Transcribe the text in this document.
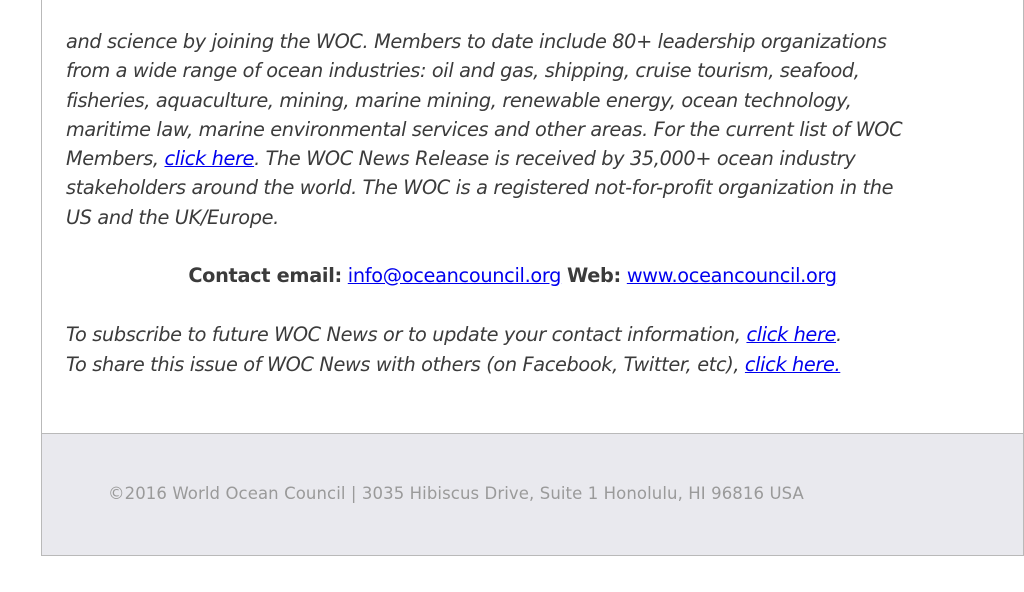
and science by joining the WOC. Members to date include 80+ leadership organizations
from a wide range of ocean industries: oil and gas, shipping, cruise tourism, seafood,
fisheries, aquaculture, mining, marine mining, renewable energy, ocean technology,
maritime law, marine environmental services and other areas. For the current list of WOC
Members, click here. The WOC News Release is received by 35,000+ ocean industry
stakeholders around the world. The WOC is a registered not-for-profit organization in the
US and the UK/Europe.
Contact email: info@oceancouncil.org Web: www.oceancouncil.org
To subscribe to future WOC News or to update your contact information, click here.
To share this issue of WOC News with others (on Facebook, Twitter, etc), click here.
©2016 World Ocean Council | 3035 Hibiscus Drive, Suite 1 Honolulu, HI 96816 USA
